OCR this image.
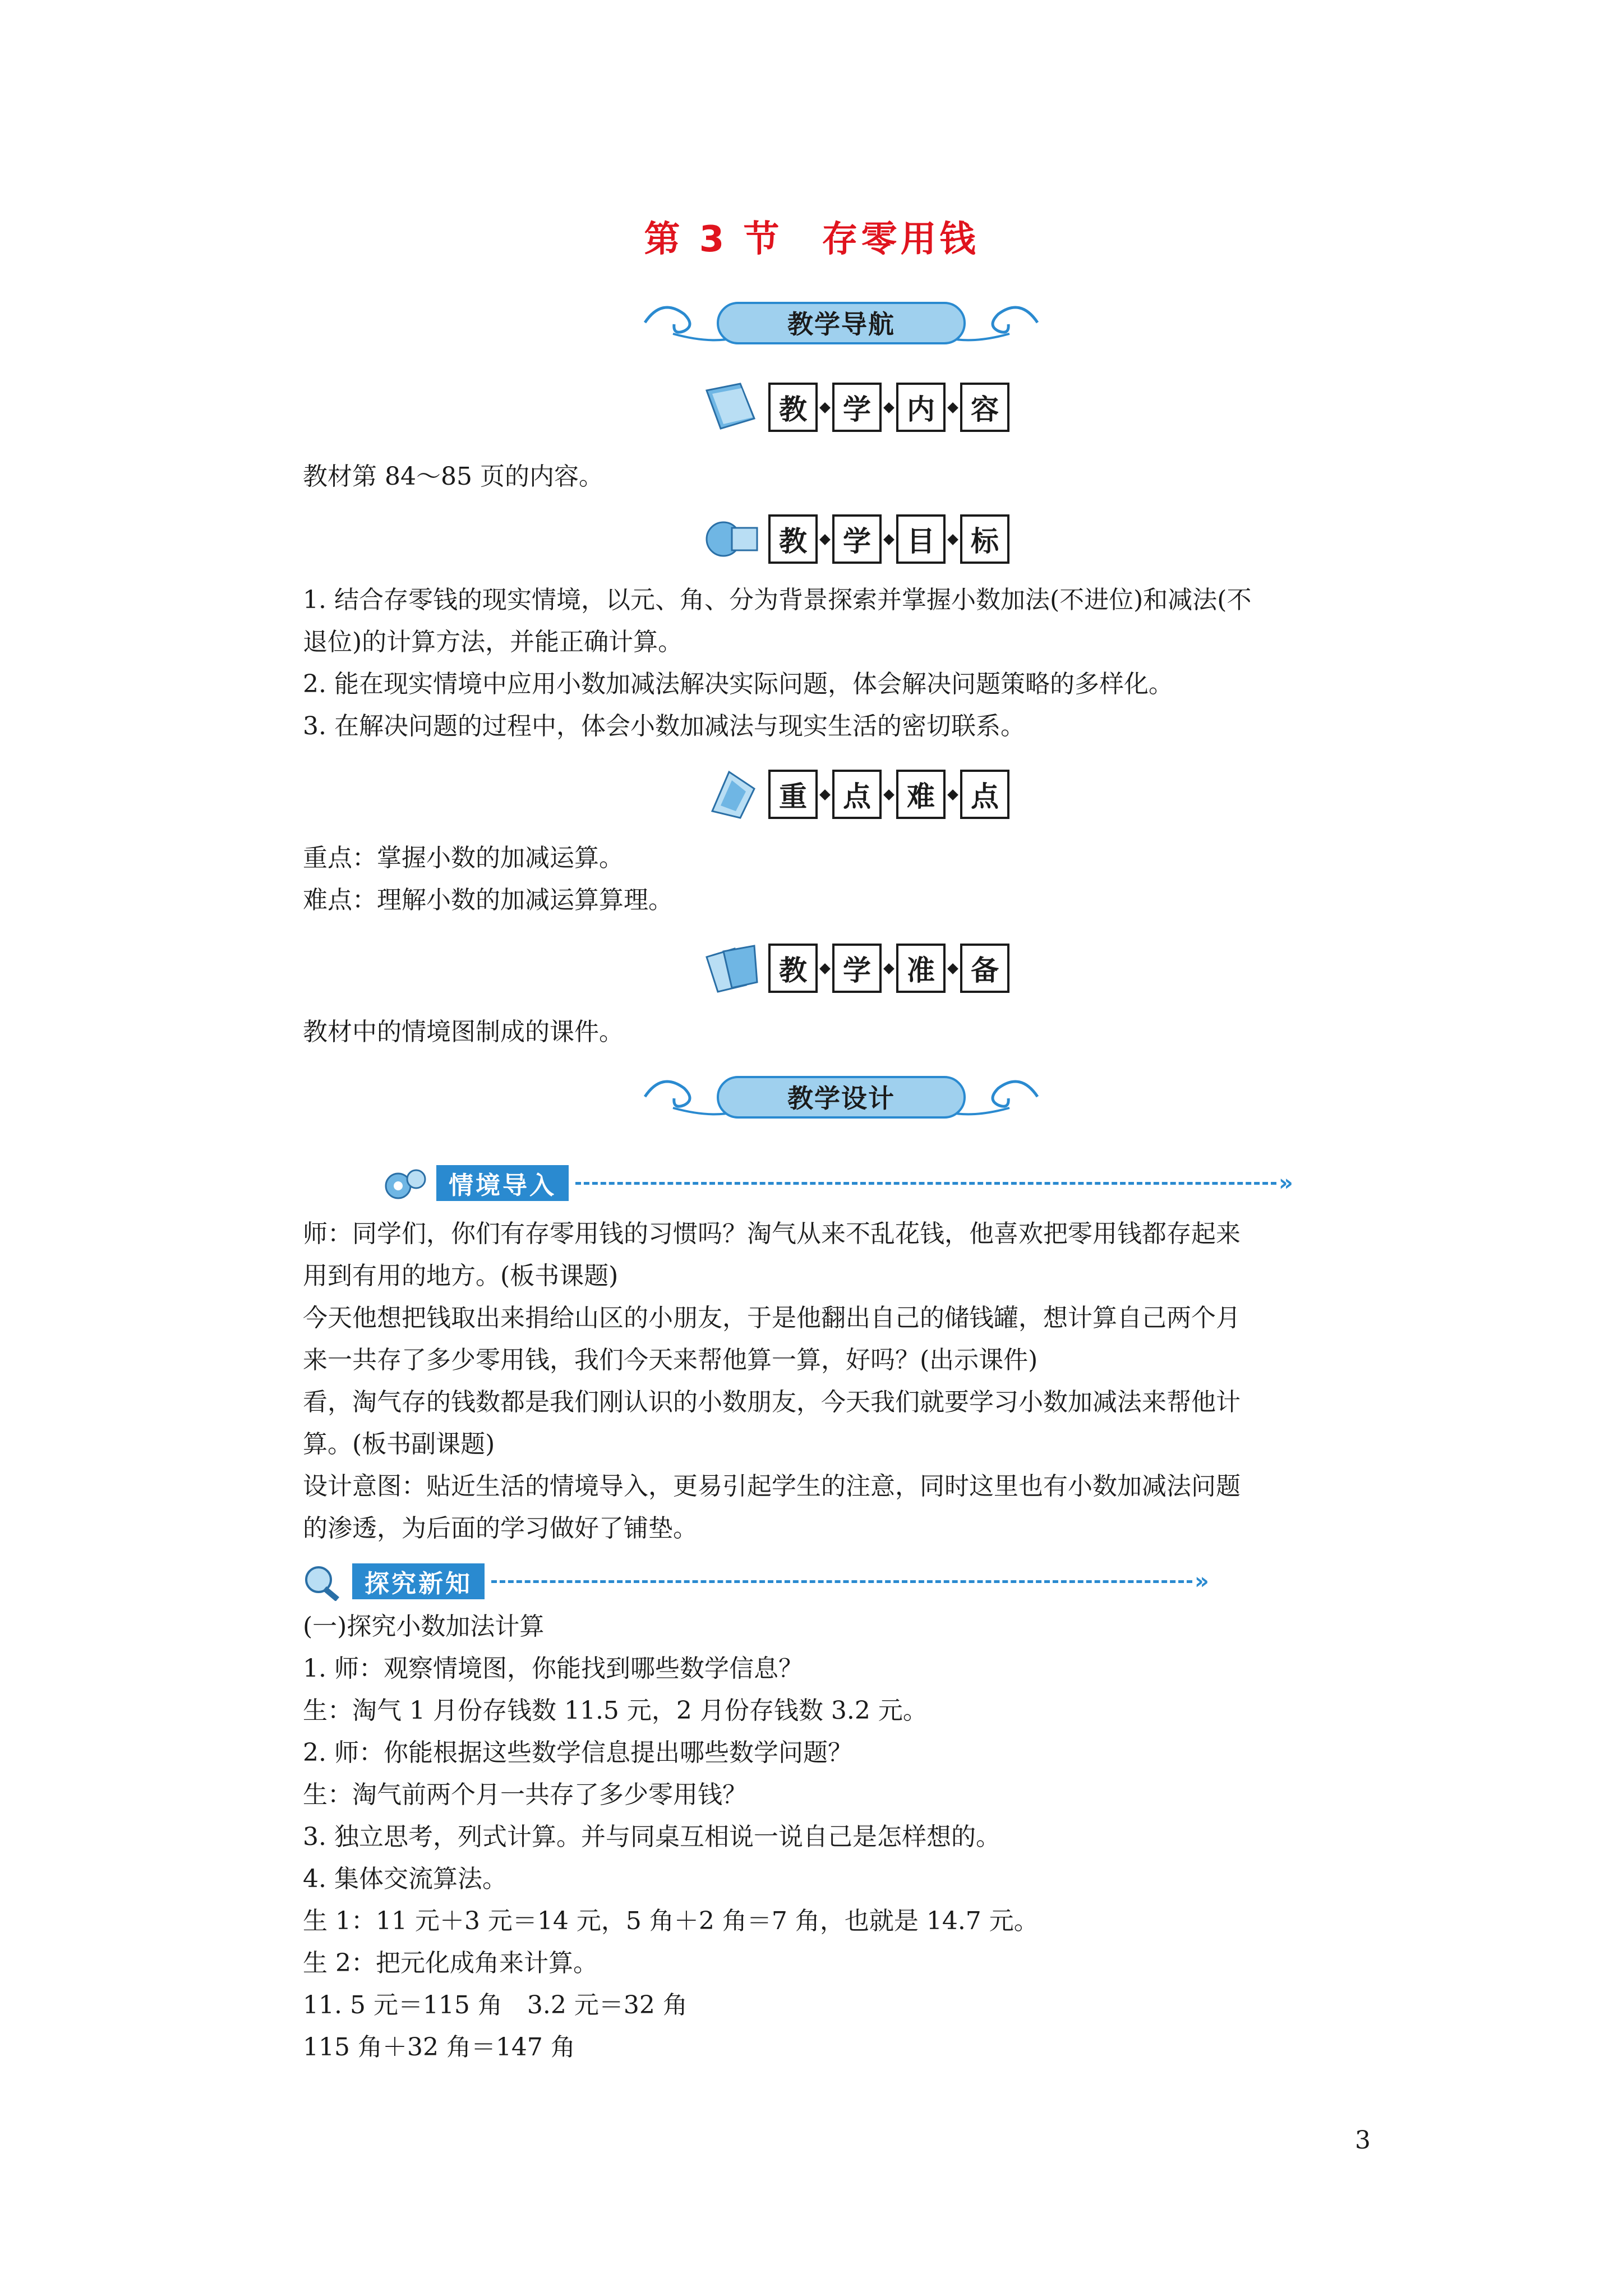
第 3 节　存零用钱
教学导航
教 学 内 容
教材第 84～85 页的内容。
教 学 目 标
1. 结合存零钱的现实情境，以元、角、分为背景探索并掌握小数加法(不进位)和减法(不
退位)的计算方法，并能正确计算。
2. 能在现实情境中应用小数加减法解决实际问题，体会解决问题策略的多样化。
3. 在解决问题的过程中，体会小数加减法与现实生活的密切联系。
重 点 难 点
重点：掌握小数的加减运算。
难点：理解小数的加减运算算理。
教 学 准 备
教材中的情境图制成的课件。
教学设计
情境导入	»
师：同学们，你们有存零用钱的习惯吗？淘气从来不乱花钱，他喜欢把零用钱都存起来
用到有用的地方。(板书课题)
今天他想把钱取出来捐给山区的小朋友，于是他翻出自己的储钱罐，想计算自己两个月
来一共存了多少零用钱，我们今天来帮他算一算，好吗？(出示课件)
看，淘气存的钱数都是我们刚认识的小数朋友，今天我们就要学习小数加减法来帮他计
算。(板书副课题)
设计意图：贴近生活的情境导入，更易引起学生的注意，同时这里也有小数加减法问题
的渗透，为后面的学习做好了铺垫。
探究新知	»
(一)探究小数加法计算
1. 师：观察情境图，你能找到哪些数学信息？
生：淘气 1 月份存钱数 11.5 元，2 月份存钱数 3.2 元。
2. 师：你能根据这些数学信息提出哪些数学问题？
生：淘气前两个月一共存了多少零用钱？
3. 独立思考，列式计算。并与同桌互相说一说自己是怎样想的。
4. 集体交流算法。
生 1：11 元＋3 元＝14 元，5 角＋2 角＝7 角，也就是 14.7 元。
生 2：把元化成角来计算。
11. 5 元＝115 角　3.2 元＝32 角
115 角＋32 角＝147 角
3
